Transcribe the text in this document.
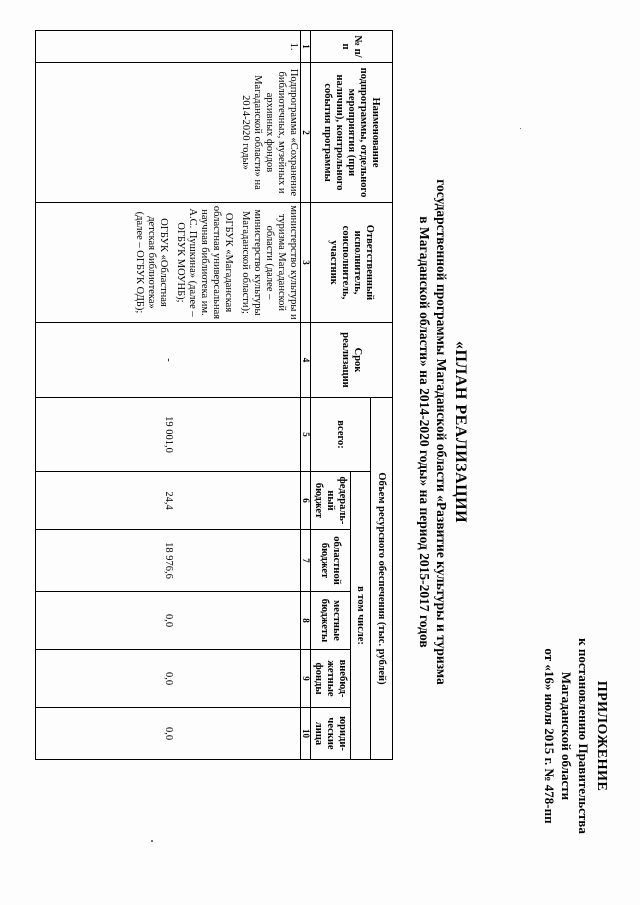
ПРИЛОЖЕНИЕ
к постановлению Правительства
Магаданской области
от «16» июля 2015 г. № 478-пп
«ПЛАН РЕАЛИЗАЦИИ
государственной программы Магаданской области «Развитие культуры и туризма
в Магаданской области» на 2014-2020 годы» на период 2015-2017 годов
№ п/п	Наименование подпрограммы, отдельного мероприятия (при наличии), контрольного события программы	Ответственный исполнитель, соисполнитель, участник	Срок реализации	Объем ресурсного обеспечения (тыс. рублей)					
				всего:	в том числе:				
					федераль-ный бюджет	областной бюджет	местные бюджеты	внебюд-жетные фонды	юриди-ческие лица
1	2	3	4	5	6	7	8	9	10
1.	Подпрограмма «Сохранение библиотечных, музейных и архивных фондов Магаданской области» на 2014-2020 годы»	министерство культуры и туризма Магаданской области (далее – министерство культуры Магаданской области);

ОГБУК «Магаданская областная универсальная научная библиотека им. А.С. Пушкина» (далее – ОГБУК МОУНБ);

ОГБУК «Областная детская библиотека» (далее – ОГБУК ОДБ);	-	19 001,0	24,4	18 976,6	0,0	0,0	0,0
